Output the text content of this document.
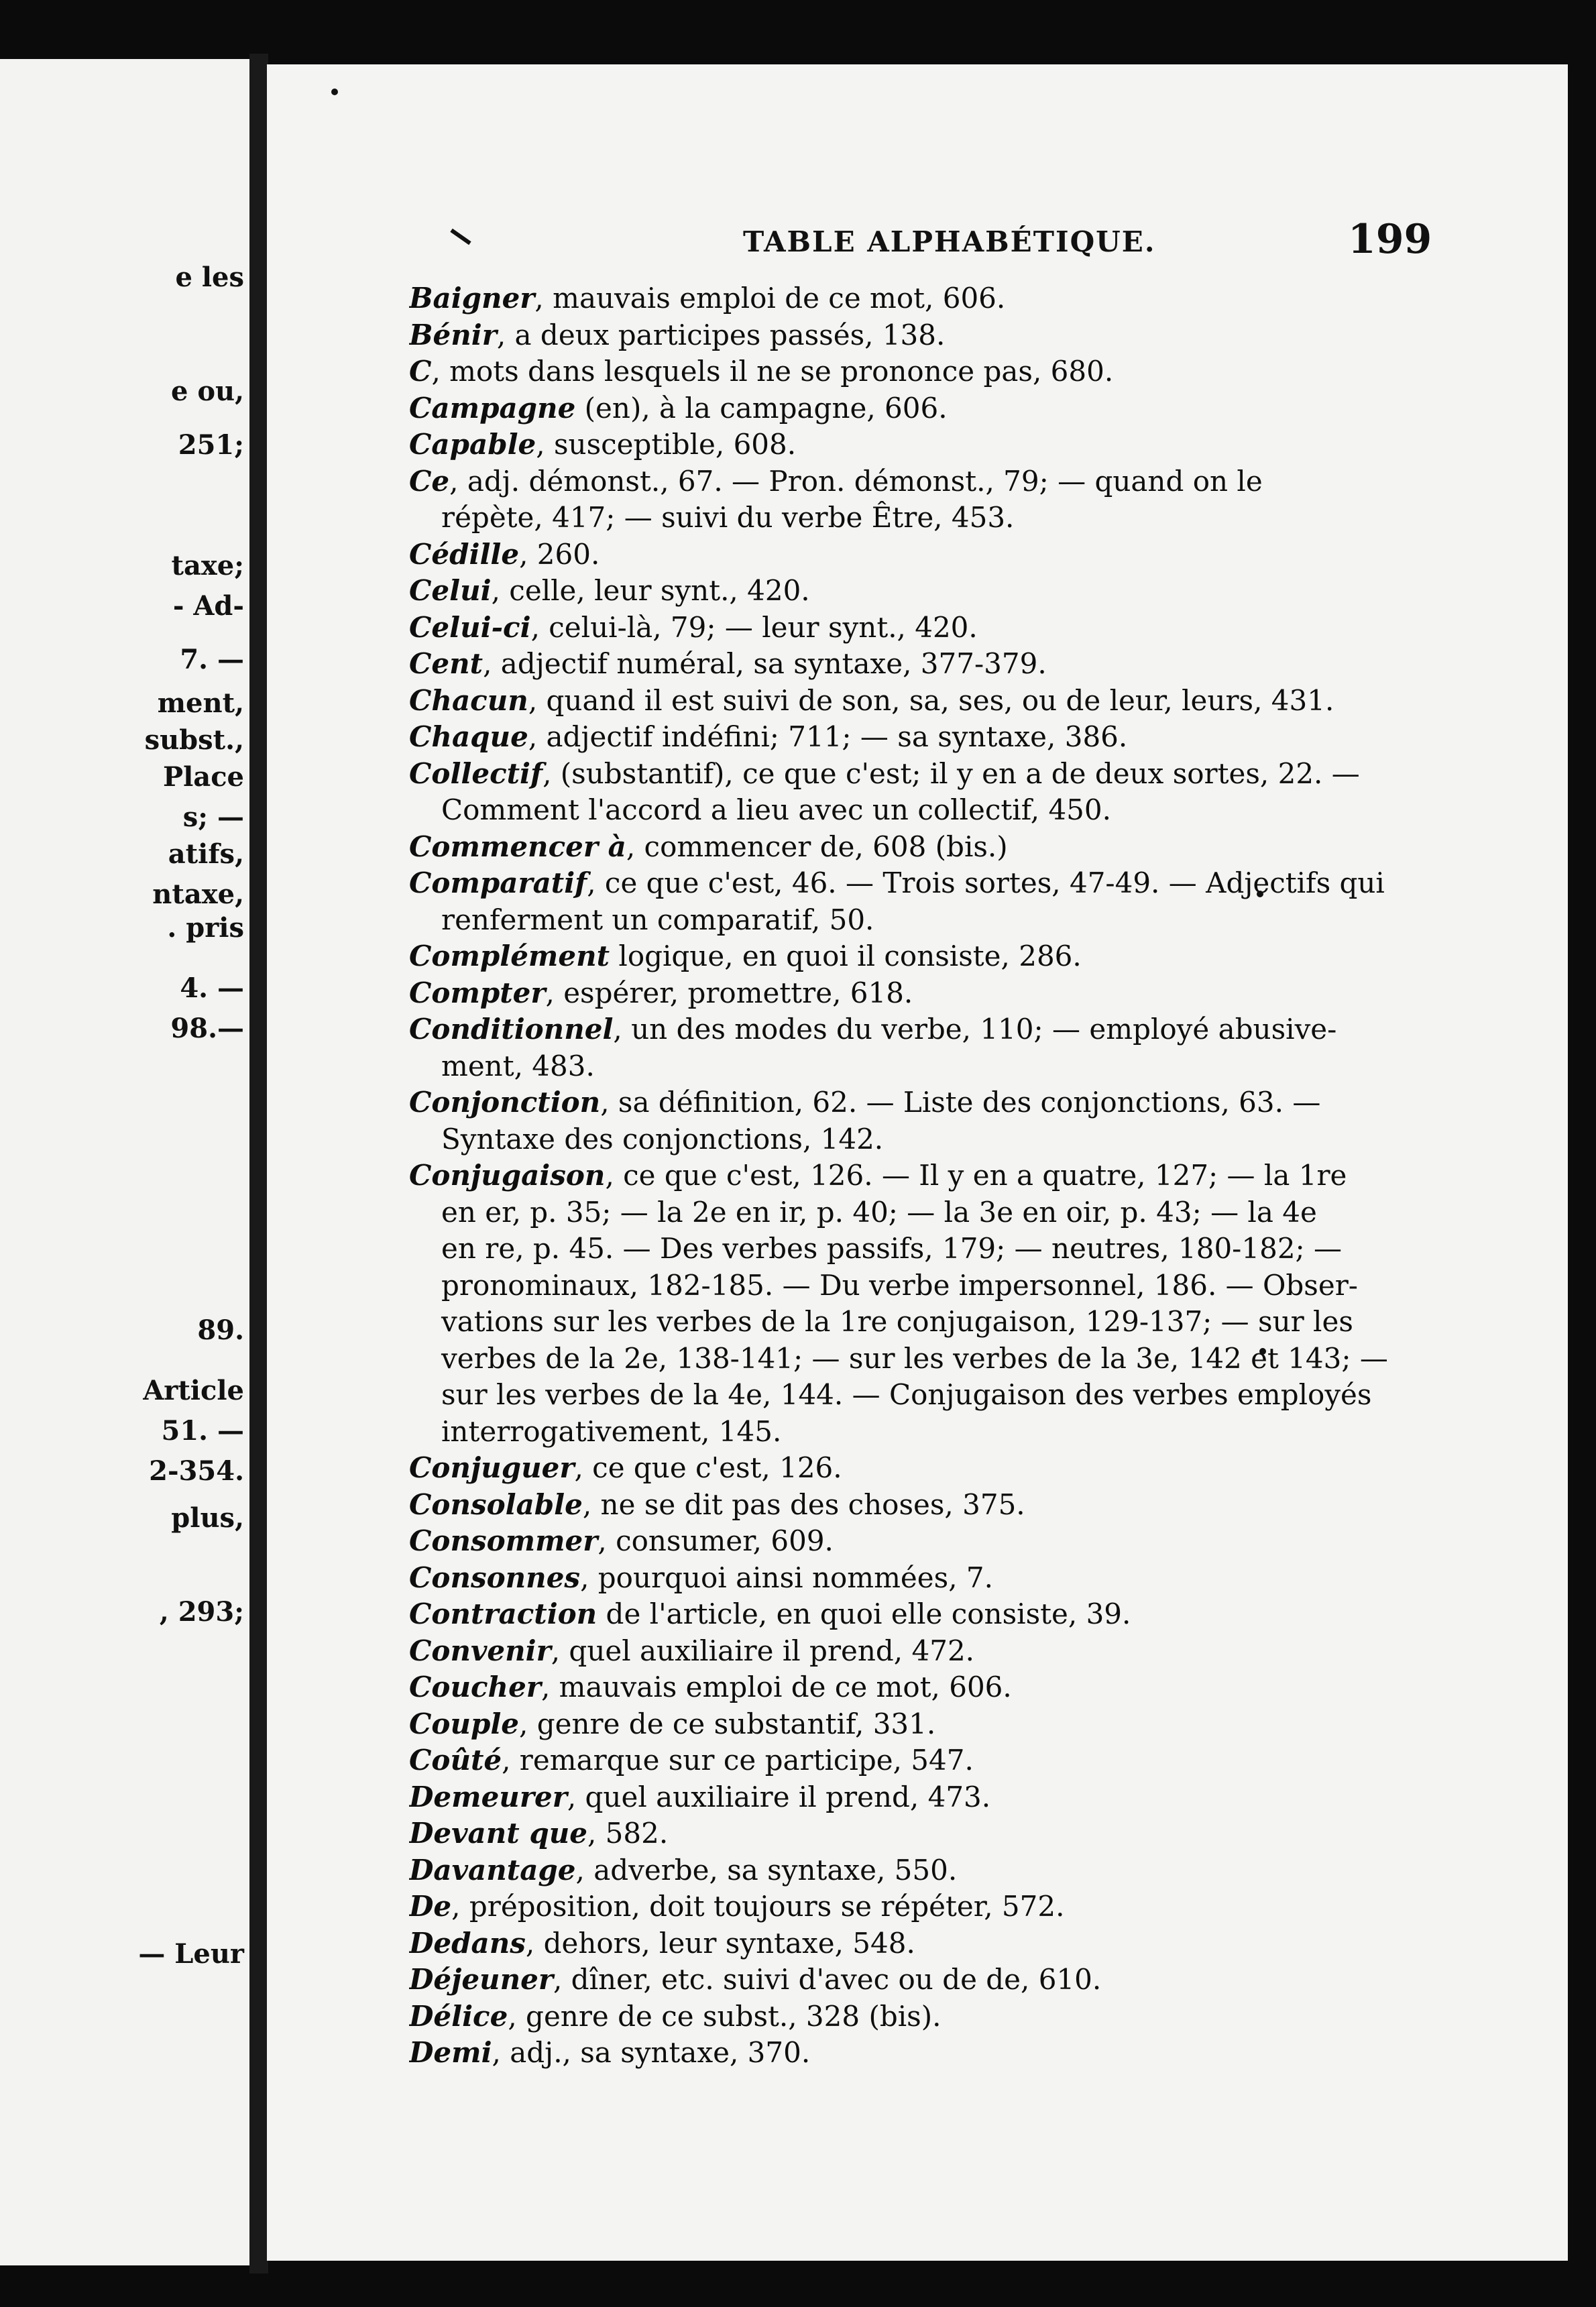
e les
e ou,
251;
taxe;
- Ad-
7. —
ment,
subst.,
Place
s; —
atifs,
ntaxe,
. pris
4. —
98.—
89.
Article
51. —
2-354.
plus,
, 293;
— Leur
TABLE ALPHABÉTIQUE.	199
Baigner, mauvais emploi de ce mot, 606.
Bénir, a deux participes passés, 138.
C, mots dans lesquels il ne se prononce pas, 680.
Campagne (en), à la campagne, 606.
Capable, susceptible, 608.
Ce, adj. démonst., 67. — Pron. démonst., 79; — quand on le
répète, 417; — suivi du verbe Être, 453.
Cédille, 260.
Celui, celle, leur synt., 420.
Celui-ci, celui-là, 79; — leur synt., 420.
Cent, adjectif numéral, sa syntaxe, 377-379.
Chacun, quand il est suivi de son, sa, ses, ou de leur, leurs, 431.
Chaque, adjectif indéfini; 711; — sa syntaxe, 386.
Collectif, (substantif), ce que c'est; il y en a de deux sortes, 22. —
Comment l'accord a lieu avec un collectif, 450.
Commencer à, commencer de, 608 (bis.)
Comparatif, ce que c'est, 46. — Trois sortes, 47-49. — Adjectifs qui
renferment un comparatif, 50.
Complément logique, en quoi il consiste, 286.
Compter, espérer, promettre, 618.
Conditionnel, un des modes du verbe, 110; — employé abusive-
ment, 483.
Conjonction, sa définition, 62. — Liste des conjonctions, 63. —
Syntaxe des conjonctions, 142.
Conjugaison, ce que c'est, 126. — Il y en a quatre, 127; — la 1re
en er, p. 35; — la 2e en ir, p. 40; — la 3e en oir, p. 43; — la 4e
en re, p. 45. — Des verbes passifs, 179; — neutres, 180-182; —
pronominaux, 182-185. — Du verbe impersonnel, 186. — Obser-
vations sur les verbes de la 1re conjugaison, 129-137; — sur les
verbes de la 2e, 138-141; — sur les verbes de la 3e, 142 et 143; —
sur les verbes de la 4e, 144. — Conjugaison des verbes employés
interrogativement, 145.
Conjuguer, ce que c'est, 126.
Consolable, ne se dit pas des choses, 375.
Consommer, consumer, 609.
Consonnes, pourquoi ainsi nommées, 7.
Contraction de l'article, en quoi elle consiste, 39.
Convenir, quel auxiliaire il prend, 472.
Coucher, mauvais emploi de ce mot, 606.
Couple, genre de ce substantif, 331.
Coûté, remarque sur ce participe, 547.
Demeurer, quel auxiliaire il prend, 473.
Devant que, 582.
Davantage, adverbe, sa syntaxe, 550.
De, préposition, doit toujours se répéter, 572.
Dedans, dehors, leur syntaxe, 548.
Déjeuner, dîner, etc. suivi d'avec ou de de, 610.
Délice, genre de ce subst., 328 (bis).
Demi, adj., sa syntaxe, 370.
